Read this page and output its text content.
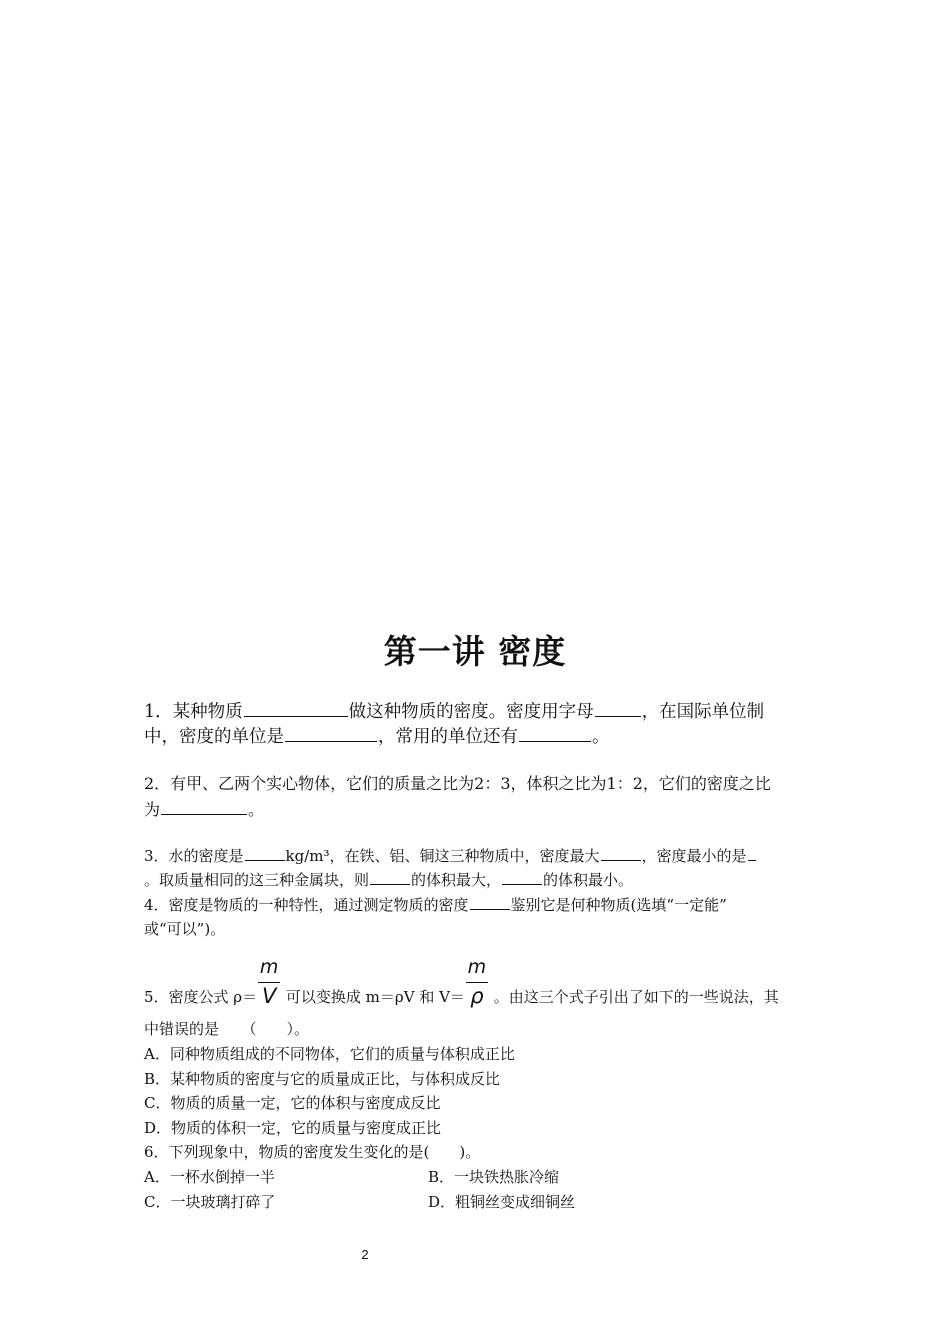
第一讲 密度
1．某种物质	做这种物质的密度。密度用字母	，在国际单位制
中，密度的单位是	，常用的单位还有	。
2．有甲、乙两个实心物体，它们的质量之比为2：3，体积之比为1：2，它们的密度之比
为	。
3．水的密度是	kg/m³，在铁、铝、铜这三种物质中，密度最大	，密度最小的是
。取质量相同的这三种金属块，则	的体积最大，	的体积最小。
4．密度是物质的一种特性，通过测定物质的密度	鉴别它是何种物质(选填“一定能”
或“可以”)。
5．密度公式 $\rho= \frac{m}{V}$ 可以变换成 m＝ρV 和 $V= \frac{m}{\rho}$ 。由这三个式子引出了如下的一些说法，其
中错误的是　　（　　）。
A．同种物质组成的不同物体，它们的质量与体积成正比
B．某种物质的密度与它的质量成正比，与体积成反比
C．物质的质量一定，它的体积与密度成反比
D．物质的体积一定，它的质量与密度成正比
6．下列现象中，物质的密度发生变化的是(　　)。
A．一杯水倒掉一半	B．一块铁热胀冷缩
C．一块玻璃打碎了	D．粗铜丝变成细铜丝
2
